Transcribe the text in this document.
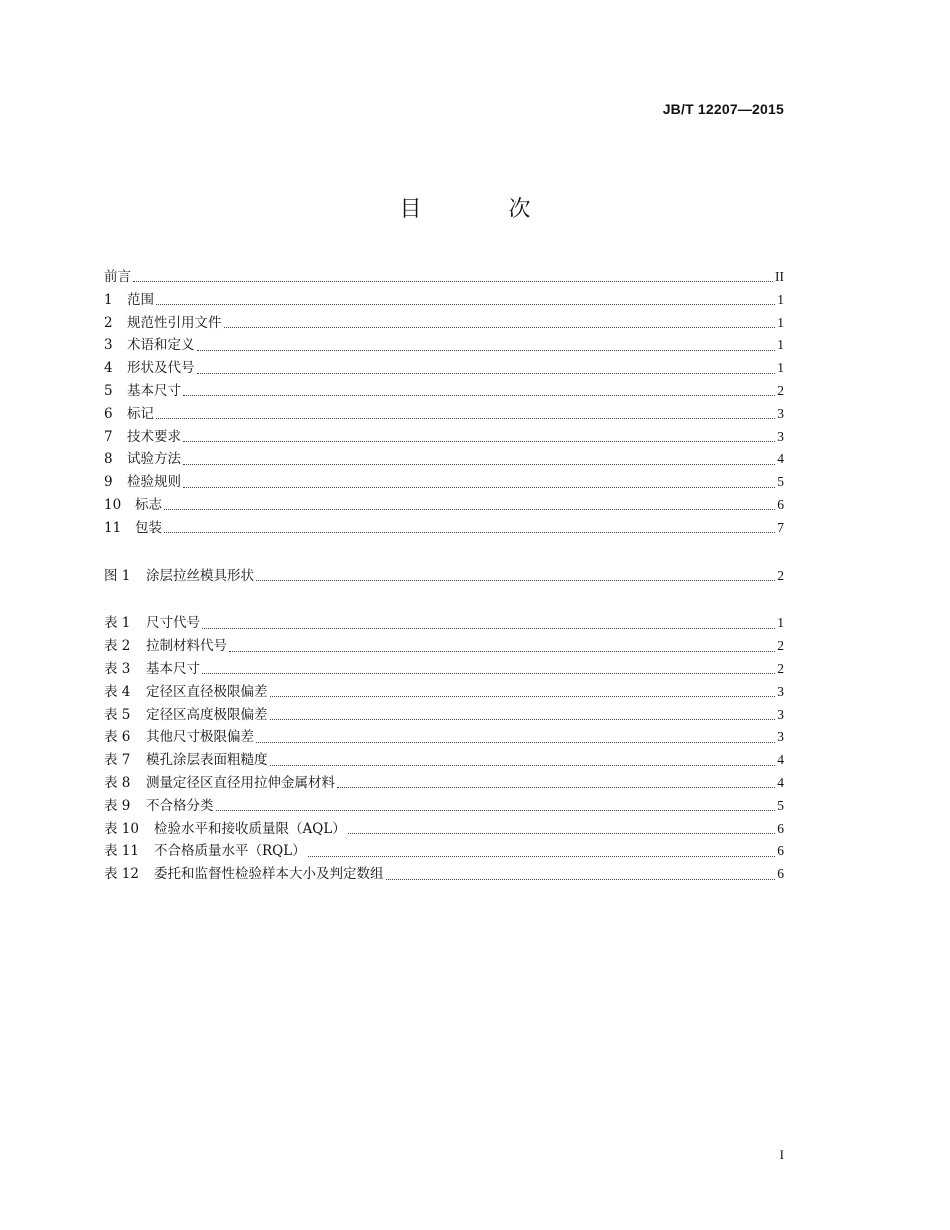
JB/T 12207—2015
目 次
前言	II
1	范围	1
2	规范性引用文件	1
3	术语和定义	1
4	形状及代号	1
5	基本尺寸	2
6	标记	3
7	技术要求	3
8	试验方法	4
9	检验规则	5
10	标志	6
11	包装	7
图 1	涂层拉丝模具形状	2
表 1	尺寸代号	1
表 2	拉制材料代号	2
表 3	基本尺寸	2
表 4	定径区直径极限偏差	3
表 5	定径区高度极限偏差	3
表 6	其他尺寸极限偏差	3
表 7	模孔涂层表面粗糙度	4
表 8	测量定径区直径用拉伸金属材料	4
表 9	不合格分类	5
表 10	检验水平和接收质量限（AQL）	6
表 11	不合格质量水平（RQL）	6
表 12	委托和监督性检验样本大小及判定数组	6
I
